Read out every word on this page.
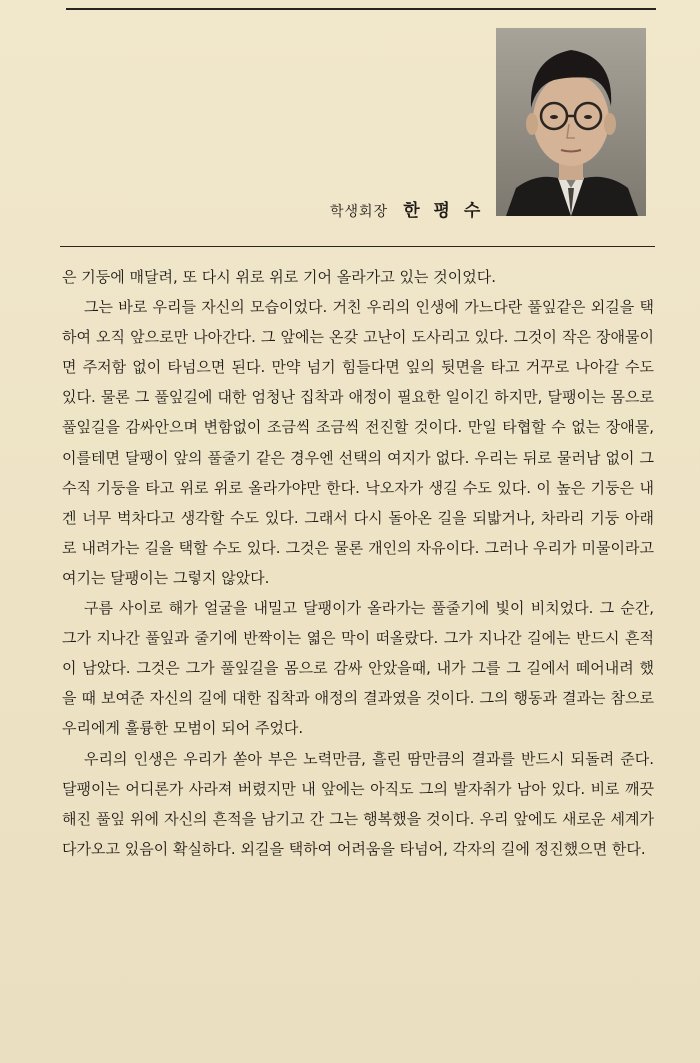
학생회장 한 평 수

은 기둥에 매달려, 또 다시 위로 위로 기어 올라가고 있는 것이었다.

그는 바로 우리들 자신의 모습이었다. 거친 우리의 인생에 가느다란 풀잎같은 외길을 택하여 오직 앞으로만 나아간다. 그 앞에는 온갖 고난이 도사리고 있다. 그것이 작은 장애물이면 주저함 없이 타넘으면 된다. 만약 넘기 힘들다면 잎의 뒷면을 타고 거꾸로 나아갈 수도 있다. 물론 그 풀잎길에 대한 엄청난 집착과 애정이 필요한 일이긴 하지만, 달팽이는 몸으로 풀잎길을 감싸안으며 변함없이 조금씩 조금씩 전진할 것이다. 만일 타협할 수 없는 장애물, 이를테면 달팽이 앞의 풀줄기 같은 경우엔 선택의 여지가 없다. 우리는 뒤로 물러남 없이 그 수직 기둥을 타고 위로 위로 올라가야만 한다. 낙오자가 생길 수도 있다. 이 높은 기둥은 내겐 너무 벅차다고 생각할 수도 있다. 그래서 다시 돌아온 길을 되밟거나, 차라리 기둥 아래로 내려가는 길을 택할 수도 있다. 그것은 물론 개인의 자유이다. 그러나 우리가 미물이라고 여기는 달팽이는 그렇지 않았다.

구름 사이로 해가 얼굴을 내밀고 달팽이가 올라가는 풀줄기에 빛이 비치었다. 그 순간, 그가 지나간 풀잎과 줄기에 반짝이는 엷은 막이 떠올랐다. 그가 지나간 길에는 반드시 흔적이 남았다. 그것은 그가 풀잎길을 몸으로 감싸 안았을때, 내가 그를 그 길에서 떼어내려 했을 때 보여준 자신의 길에 대한 집착과 애정의 결과였을 것이다. 그의 행동과 결과는 참으로 우리에게 훌륭한 모범이 되어 주었다.

우리의 인생은 우리가 쏟아 부은 노력만큼, 흘린 땀만큼의 결과를 반드시 되돌려 준다. 달팽이는 어디론가 사라져 버렸지만 내 앞에는 아직도 그의 발자취가 남아 있다. 비로 깨끗해진 풀잎 위에 자신의 흔적을 남기고 간 그는 행복했을 것이다. 우리 앞에도 새로운 세계가 다가오고 있음이 확실하다. 외길을 택하여 어려움을 타넘어, 각자의 길에 정진했으면 한다.
